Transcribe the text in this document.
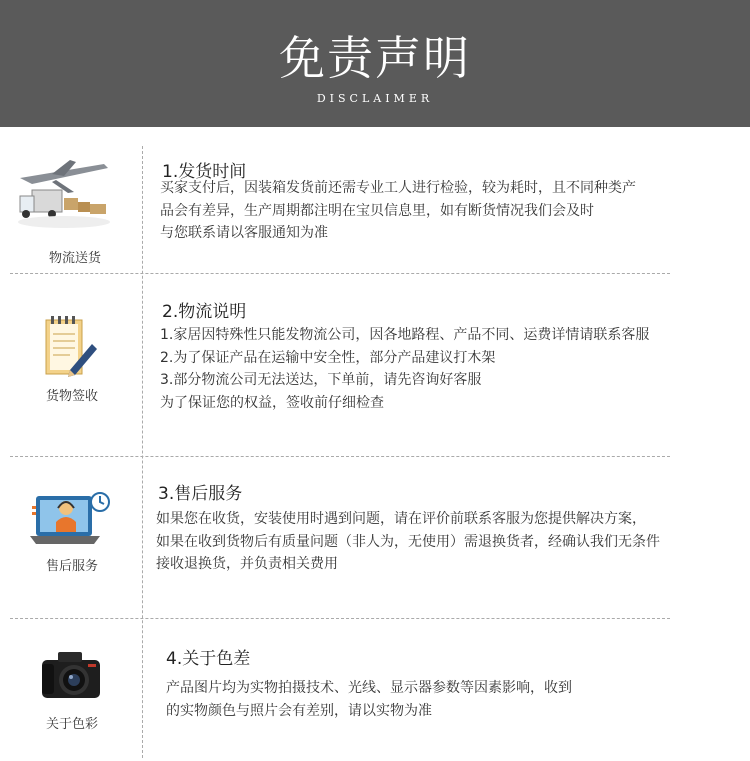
免责声明
DISCLAIMER
物流送货
1.发货时间
买家支付后，因装箱发货前还需专业工人进行检验，较为耗时，且不同种类产
品会有差异，生产周期都注明在宝贝信息里，如有断货情况我们会及时
与您联系请以客服通知为准
货物签收
2.物流说明
1.家居因特殊性只能发物流公司，因各地路程、产品不同、运费详情请联系客服
2.为了保证产品在运输中安全性，部分产品建议打木架
3.部分物流公司无法送达，下单前，请先咨询好客服
为了保证您的权益，签收前仔细检查
售后服务
3.售后服务
如果您在收货，安装使用时遇到问题，请在评价前联系客服为您提供解决方案，
如果在收到货物后有质量问题（非人为，无使用）需退换货者，经确认我们无条件
接收退换货，并负责相关费用
关于色彩
4.关于色差
产品图片均为实物拍摄技术、光线、显示器参数等因素影响，收到
的实物颜色与照片会有差别，请以实物为准
